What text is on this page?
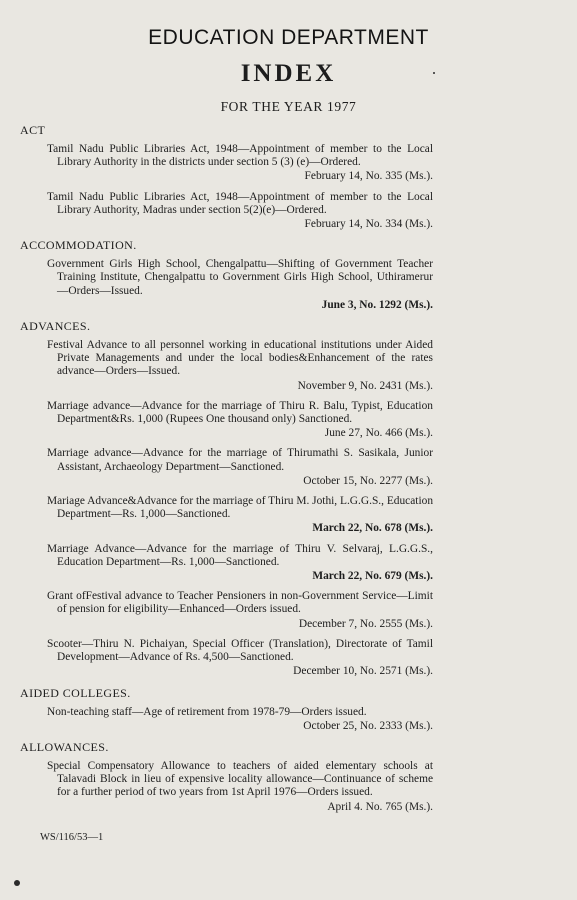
EDUCATION DEPARTMENT
INDEX
FOR THE YEAR 1977
ACT
Tamil Nadu Public Libraries Act, 1948—Appointment of member to the Local Library Authority in the districts under section 5 (3) (e)—Ordered.
February 14, No. 335 (Ms.).
Tamil Nadu Public Libraries Act, 1948—Appointment of member to the Local Library Authority, Madras under section 5(2)(e)—Ordered.
February 14, No. 334 (Ms.).
ACCOMMODATION.
Government Girls High School, Chengalpattu—Shifting of Government Teacher Training Institute, Chengalpattu to Government Girls High School, Uthiramerur—Orders—Issued.
June 3, No. 1292 (Ms.).
ADVANCES.
Festival Advance to all personnel working in educational institutions under Aided Private Managements and under the local bodies&Enhancement of the rates advance—Orders—Issued.
November 9, No. 2431 (Ms.).
Marriage advance—Advance for the marriage of Thiru R. Balu, Typist, Education Department&Rs. 1,000 (Rupees One thousand only) Sanctioned.
June 27, No. 466 (Ms.).
Marriage advance—Advance for the marriage of Thirumathi S. Sasikala, Junior Assistant, Archaeology Department—Sanctioned.
October 15, No. 2277 (Ms.).
Mariage Advance&Advance for the marriage of Thiru M. Jothi, L.G.G.S., Education Department—Rs. 1,000—Sanctioned.
March 22, No. 678 (Ms.).
Marriage Advance—Advance for the marriage of Thiru V. Selvaraj, L.G.G.S., Education Department—Rs. 1,000—Sanctioned.
March 22, No. 679 (Ms.).
Grant ofFestival advance to Teacher Pensioners in non-Government Service—Limit of pension for eligibility—Enhanced—Orders issued.
December 7, No. 2555 (Ms.).
Scooter—Thiru N. Pichaiyan, Special Officer (Translation), Directorate of Tamil Development—Advance of Rs. 4,500—Sanctioned.
December 10, No. 2571 (Ms.).
AIDED COLLEGES.
Non-teaching staff—Age of retirement from 1978-79—Orders issued.
October 25, No. 2333 (Ms.).
ALLOWANCES.
Special Compensatory Allowance to teachers of aided elementary schools at Talavadi Block in lieu of expensive locality allowance—Continuance of scheme for a further period of two years from 1st April 1976—Orders issued.
April 4. No. 765 (Ms.).
WS/116/53—1
